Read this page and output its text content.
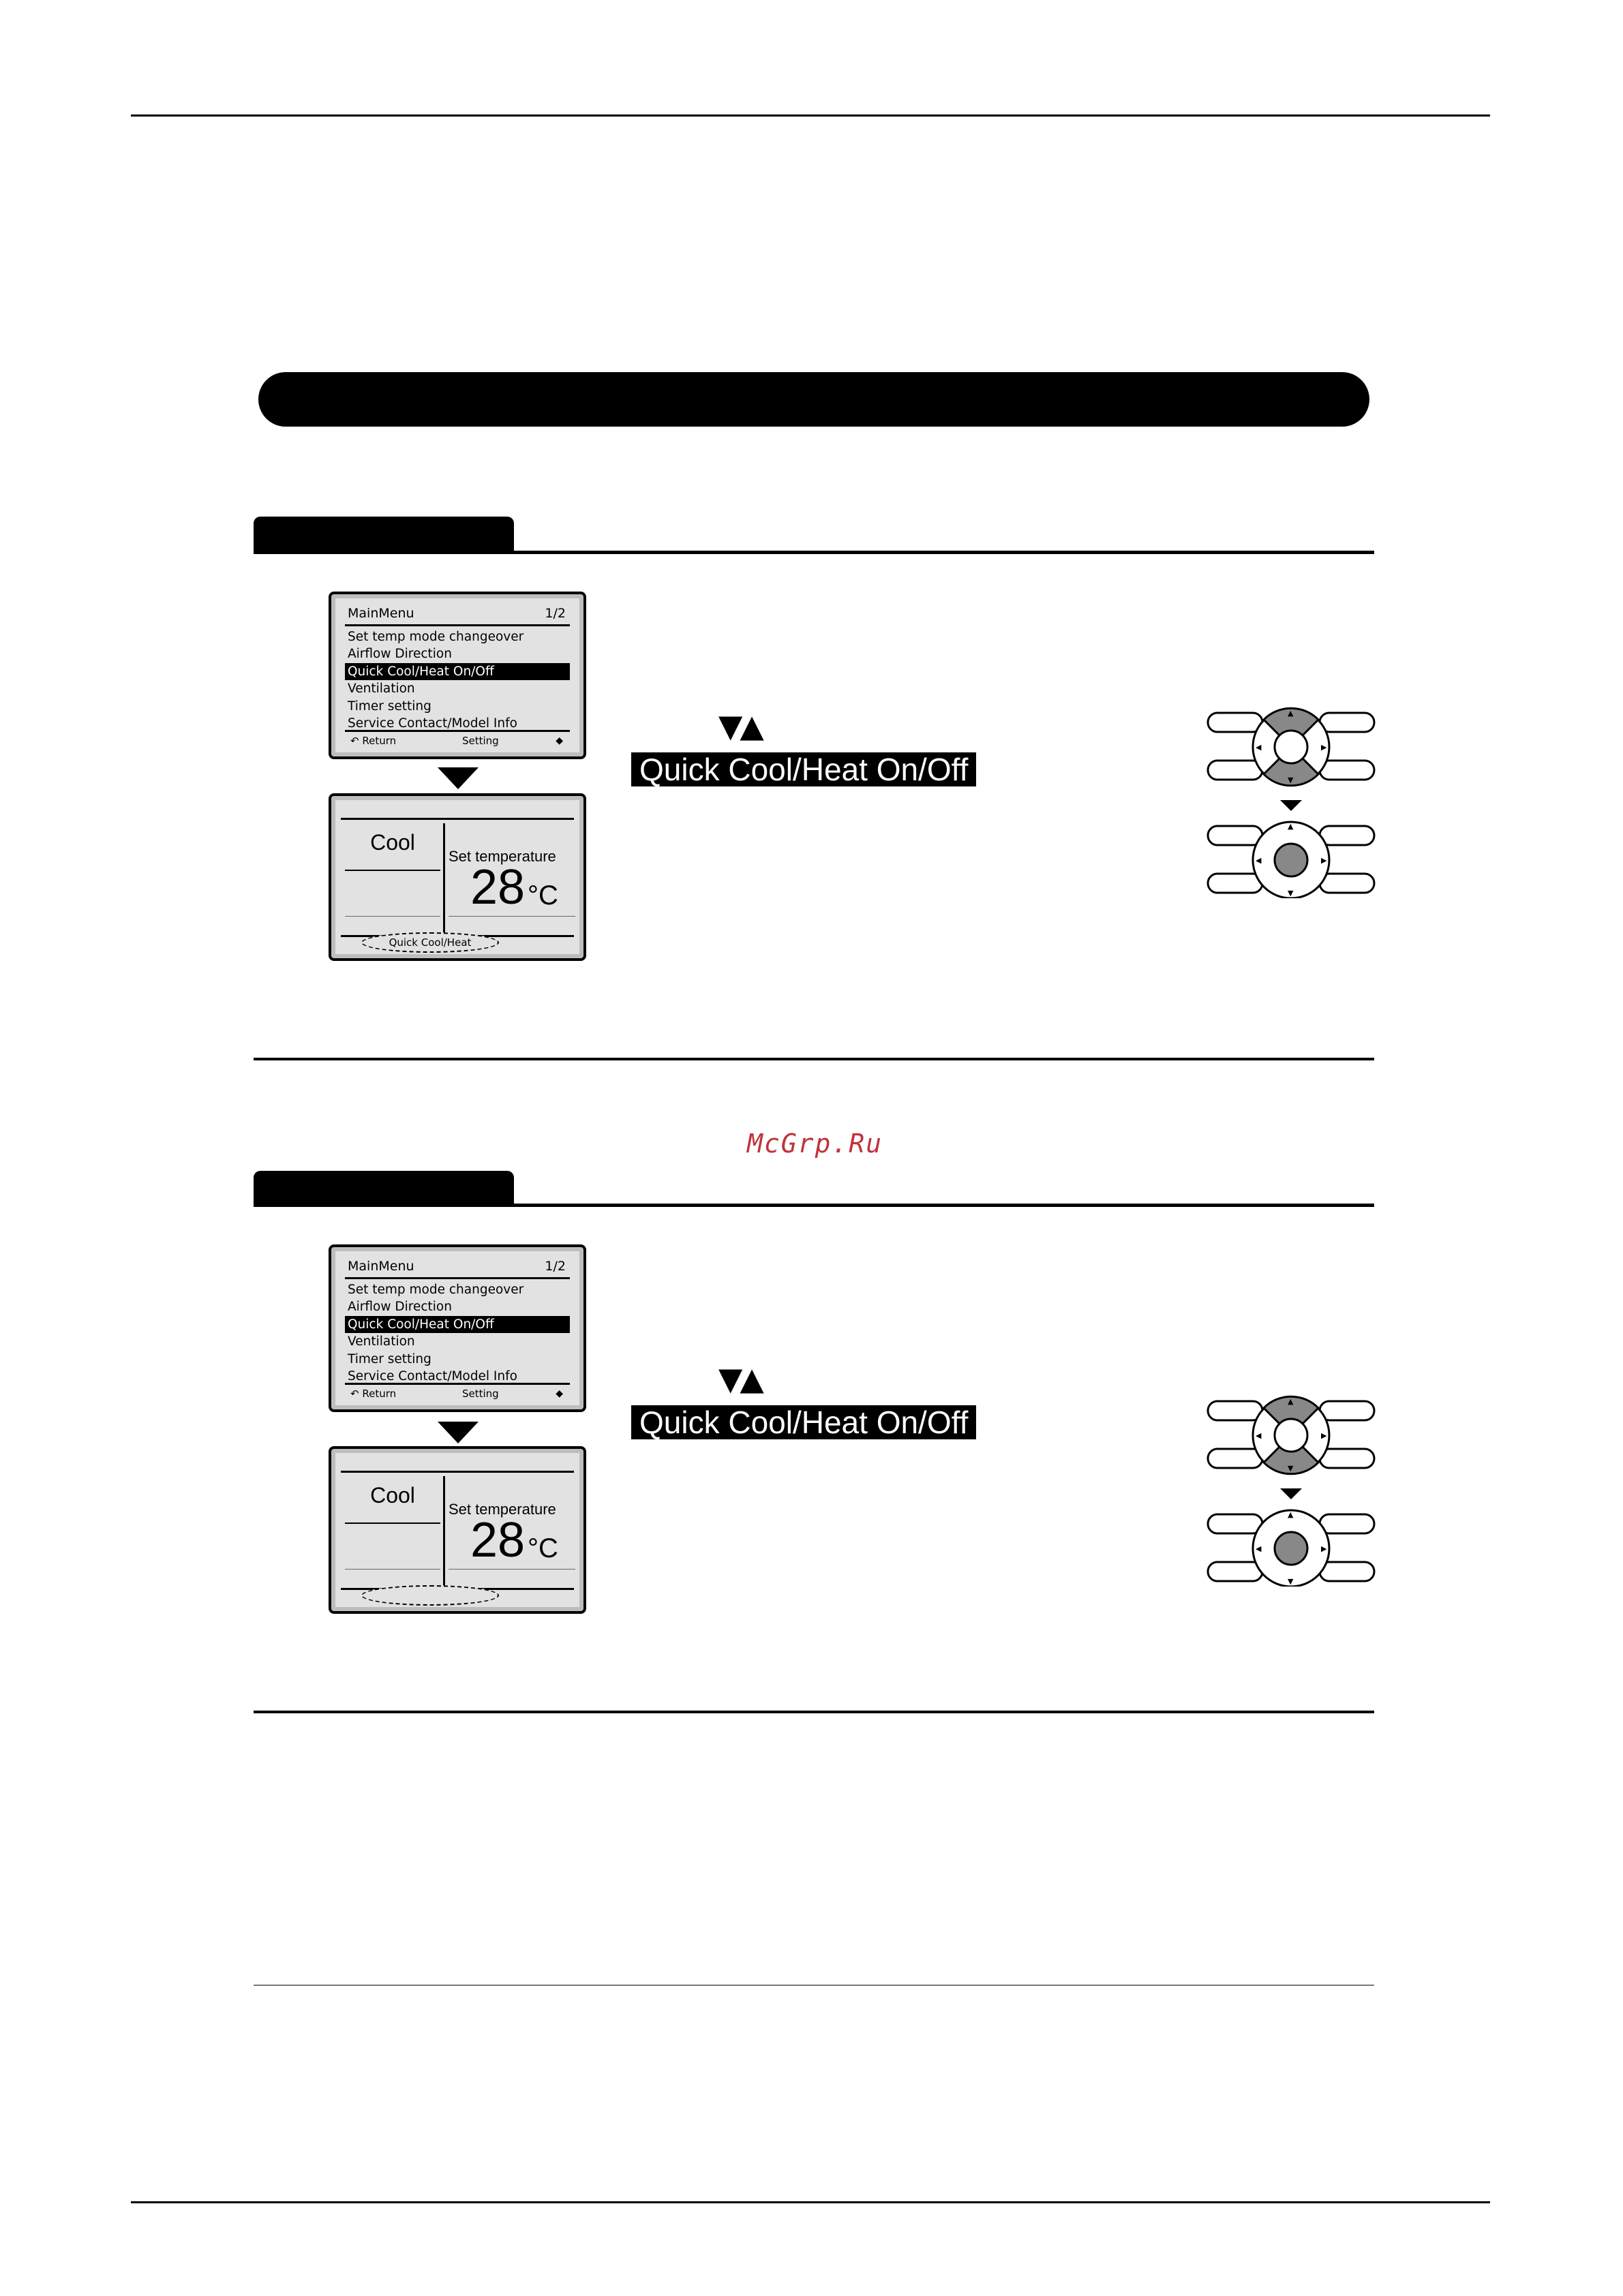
MainMenu	1/2
Set temp mode changeover
Airflow Direction
Quick Cool/Heat On/Off
Ventilation
Timer setting
Service Contact/Model Info
↶ Return	Setting	◆
Cool
Set temperature
28 °C
Quick Cool/Heat
▼▲
Quick Cool/Heat On/Off
▲
▼
◀	▶
▲
▼
◀	▶
McGrp.Ru
MainMenu	1/2
Set temp mode changeover
Airflow Direction
Quick Cool/Heat On/Off
Ventilation
Timer setting
Service Contact/Model Info
↶ Return	Setting	◆
Cool
Set temperature
28 °C
▼▲
Quick Cool/Heat On/Off
▲
▼
◀	▶
▲
▼
◀	▶
